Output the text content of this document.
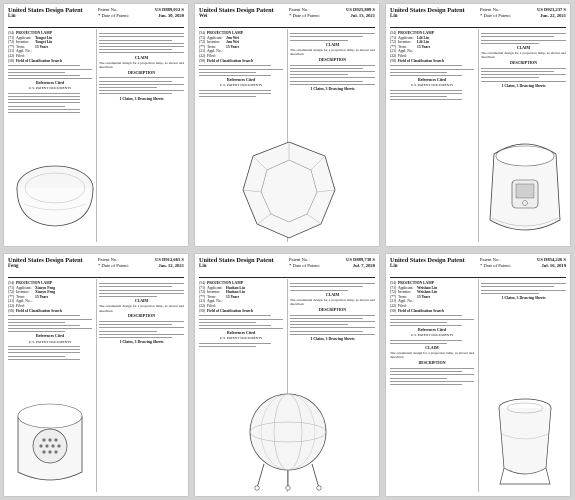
United States Design Patent
Lin
Patent No.:	US D889,012 S
* Date of Patent:	Jun. 30, 2020
(54) PROJECTION LAMP
(71) Applicant: Tongxi Lin
(72) Inventor:	Tongxi Lin
(**) Term:	15 Years
(21) Appl. No.:
(22) Filed:
(58) Field of Classification Search
References Cited
U.S. PATENT DOCUMENTS
CLAIM
The ornamental design for a projection lamp, as shown and described.
DESCRIPTION
1 Claim, 3 Drawing Sheets
United States Design Patent
Wei
Patent No.:	US D925,809 S
* Date of Patent:	Jul. 13, 2021
(54) PROJECTION LAMP
(71) Applicant: Jun Wei
(72) Inventor:	Jun Wei
(**) Term:	15 Years
(21) Appl. No.:
(22) Filed:
(58) Field of Classification Search
References Cited
U.S. PATENT DOCUMENTS
CLAIM
The ornamental design for a projection lamp, as shown and described.
DESCRIPTION
1 Claim, 3 Drawing Sheets
United States Design Patent
Lin
Patent No.:	US D923,237 S
* Date of Patent:	Jun. 22, 2021
(54) PROJECTION LAMP
(71) Applicant: Lili Lin
(72) Inventor:	Lili Lin
(**) Term:	15 Years
(21) Appl. No.:
(22) Filed:
(58) Field of Classification Search
References Cited
U.S. PATENT DOCUMENTS
CLAIM
The ornamental design for a projection lamp, as shown and described.
DESCRIPTION
1 Claim, 3 Drawing Sheets
United States Design Patent
Feng
Patent No.:	US D912,665 S
* Date of Patent:	Jan. 12, 2021
(54) PROJECTION LAMP
(71) Applicant: Xiaoyu Feng
(72) Inventor:	Xiaoyu Feng
(**) Term:	15 Years
(21) Appl. No.:
(22) Filed:
(58) Field of Classification Search
References Cited
U.S. PATENT DOCUMENTS
CLAIM
The ornamental design for a projection lamp, as shown and described.
DESCRIPTION
1 Claim, 3 Drawing Sheets
United States Design Patent
Liu
Patent No.:	US D889,738 S
* Date of Patent:	Jul. 7, 2020
(54) PROJECTION LAMP
(71) Applicant: Haohan Liu
(72) Inventor:	Haohan Liu
(**) Term:	15 Years
(21) Appl. No.:
(22) Filed:
(58) Field of Classification Search
References Cited
U.S. PATENT DOCUMENTS
CLAIM
The ornamental design for a projection lamp, as shown and described.
DESCRIPTION
1 Claim, 3 Drawing Sheets
United States Design Patent
Lin
Patent No.:	US D854,226 S
* Date of Patent:	Jul. 16, 2019
(54) PROJECTION LAMP
(71) Applicant: Weishan Lin
(72) Inventor:	Weishan Lin
(**) Term:	15 Years
(21) Appl. No.:
(22) Filed:
(58) Field of Classification Search
References Cited
U.S. PATENT DOCUMENTS
CLAIM
The ornamental design for a projection lamp, as shown and described.
DESCRIPTION
1 Claim, 3 Drawing Sheets
